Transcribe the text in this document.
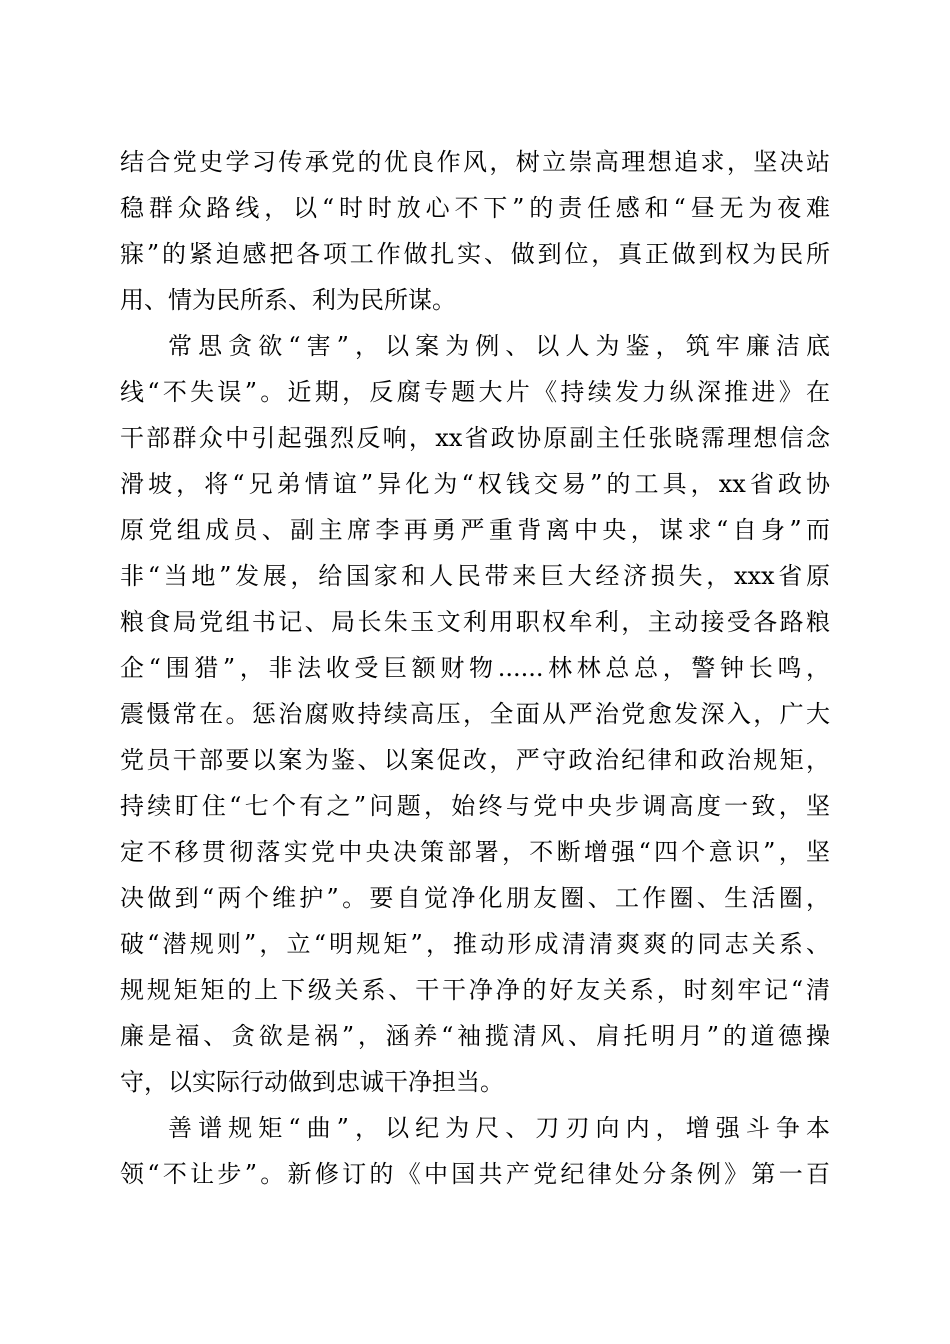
结合党史学习传承党的优良作风，树立崇高理想追求，坚决站
稳群众路线，以“时时放心不下”的责任感和“昼无为夜难
寐”的紧迫感把各项工作做扎实、做到位，真正做到权为民所
用、情为民所系、利为民所谋。
常思贪欲“害”，以案为例、以人为鉴，筑牢廉洁底
线“不失误”。近期，反腐专题大片《持续发力纵深推进》在
干部群众中引起强烈反响，xx省政协原副主任张晓霈理想信念
滑坡，将“兄弟情谊”异化为“权钱交易”的工具，xx省政协
原党组成员、副主席李再勇严重背离中央，谋求“自身”而
非“当地”发展，给国家和人民带来巨大经济损失，xxx省原
粮食局党组书记、局长朱玉文利用职权牟利，主动接受各路粮
企“围猎”，非法收受巨额财物......林林总总，警钟长鸣，
震慑常在。惩治腐败持续高压，全面从严治党愈发深入，广大
党员干部要以案为鉴、以案促改，严守政治纪律和政治规矩，
持续盯住“七个有之”问题，始终与党中央步调高度一致，坚
定不移贯彻落实党中央决策部署，不断增强“四个意识”，坚
决做到“两个维护”。要自觉净化朋友圈、工作圈、生活圈，
破“潜规则”，立“明规矩”，推动形成清清爽爽的同志关系、
规规矩矩的上下级关系、干干净净的好友关系，时刻牢记“清
廉是福、贪欲是祸”，涵养“袖揽清风、肩托明月”的道德操
守，以实际行动做到忠诚干净担当。
善谱规矩“曲”，以纪为尺、刀刃向内，增强斗争本
领“不让步”。新修订的《中国共产党纪律处分条例》第一百
